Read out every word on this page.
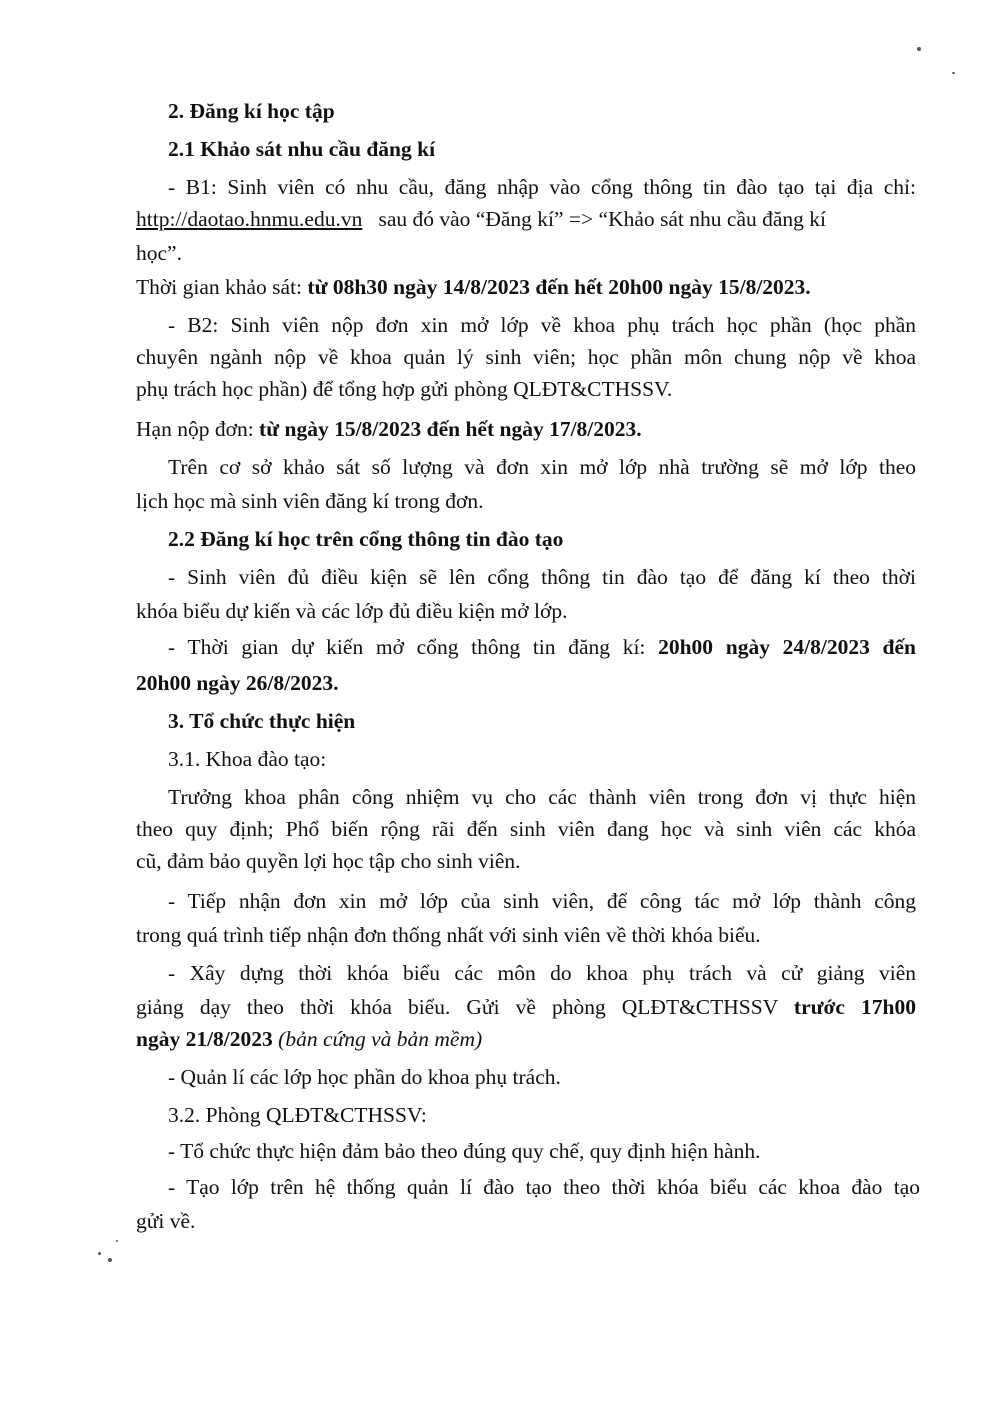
2. Đăng kí học tập
2.1 Khảo sát nhu cầu đăng kí
- B1: Sinh viên có nhu cầu, đăng nhập vào cổng thông tin đào tạo tại địa chỉ:
http://daotao.hnmu.edu.vn sau đó vào “Đăng kí” => “Khảo sát nhu cầu đăng kí
học”.
Thời gian khảo sát: từ 08h30 ngày 14/8/2023 đến hết 20h00 ngày 15/8/2023.
- B2: Sinh viên nộp đơn xin mở lớp về khoa phụ trách học phần (học phần
chuyên ngành nộp về khoa quản lý sinh viên; học phần môn chung nộp về khoa
phụ trách học phần) để tổng hợp gửi phòng QLĐT&CTHSSV.
Hạn nộp đơn: từ ngày 15/8/2023 đến hết ngày 17/8/2023.
Trên cơ sở khảo sát số lượng và đơn xin mở lớp nhà trường sẽ mở lớp theo
lịch học mà sinh viên đăng kí trong đơn.
2.2 Đăng kí học trên cổng thông tin đào tạo
- Sinh viên đủ điều kiện sẽ lên cổng thông tin đào tạo để đăng kí theo thời
khóa biểu dự kiến và các lớp đủ điều kiện mở lớp.
- Thời gian dự kiến mở cổng thông tin đăng kí: 20h00 ngày 24/8/2023 đến
20h00 ngày 26/8/2023.
3. Tổ chức thực hiện
3.1. Khoa đào tạo:
Trưởng khoa phân công nhiệm vụ cho các thành viên trong đơn vị thực hiện
theo quy định; Phổ biến rộng rãi đến sinh viên đang học và sinh viên các khóa
cũ, đảm bảo quyền lợi học tập cho sinh viên.
- Tiếp nhận đơn xin mở lớp của sinh viên, để công tác mở lớp thành công
trong quá trình tiếp nhận đơn thống nhất với sinh viên về thời khóa biểu.
- Xây dựng thời khóa biểu các môn do khoa phụ trách và cử giảng viên
giảng dạy theo thời khóa biểu. Gửi về phòng QLĐT&CTHSSV trước 17h00
ngày 21/8/2023 (bản cứng và bản mềm)
- Quản lí các lớp học phần do khoa phụ trách.
3.2. Phòng QLĐT&CTHSSV:
- Tổ chức thực hiện đảm bảo theo đúng quy chế, quy định hiện hành.
- Tạo lớp trên hệ thống quản lí đào tạo theo thời khóa biểu các khoa đào tạo
gửi về.
